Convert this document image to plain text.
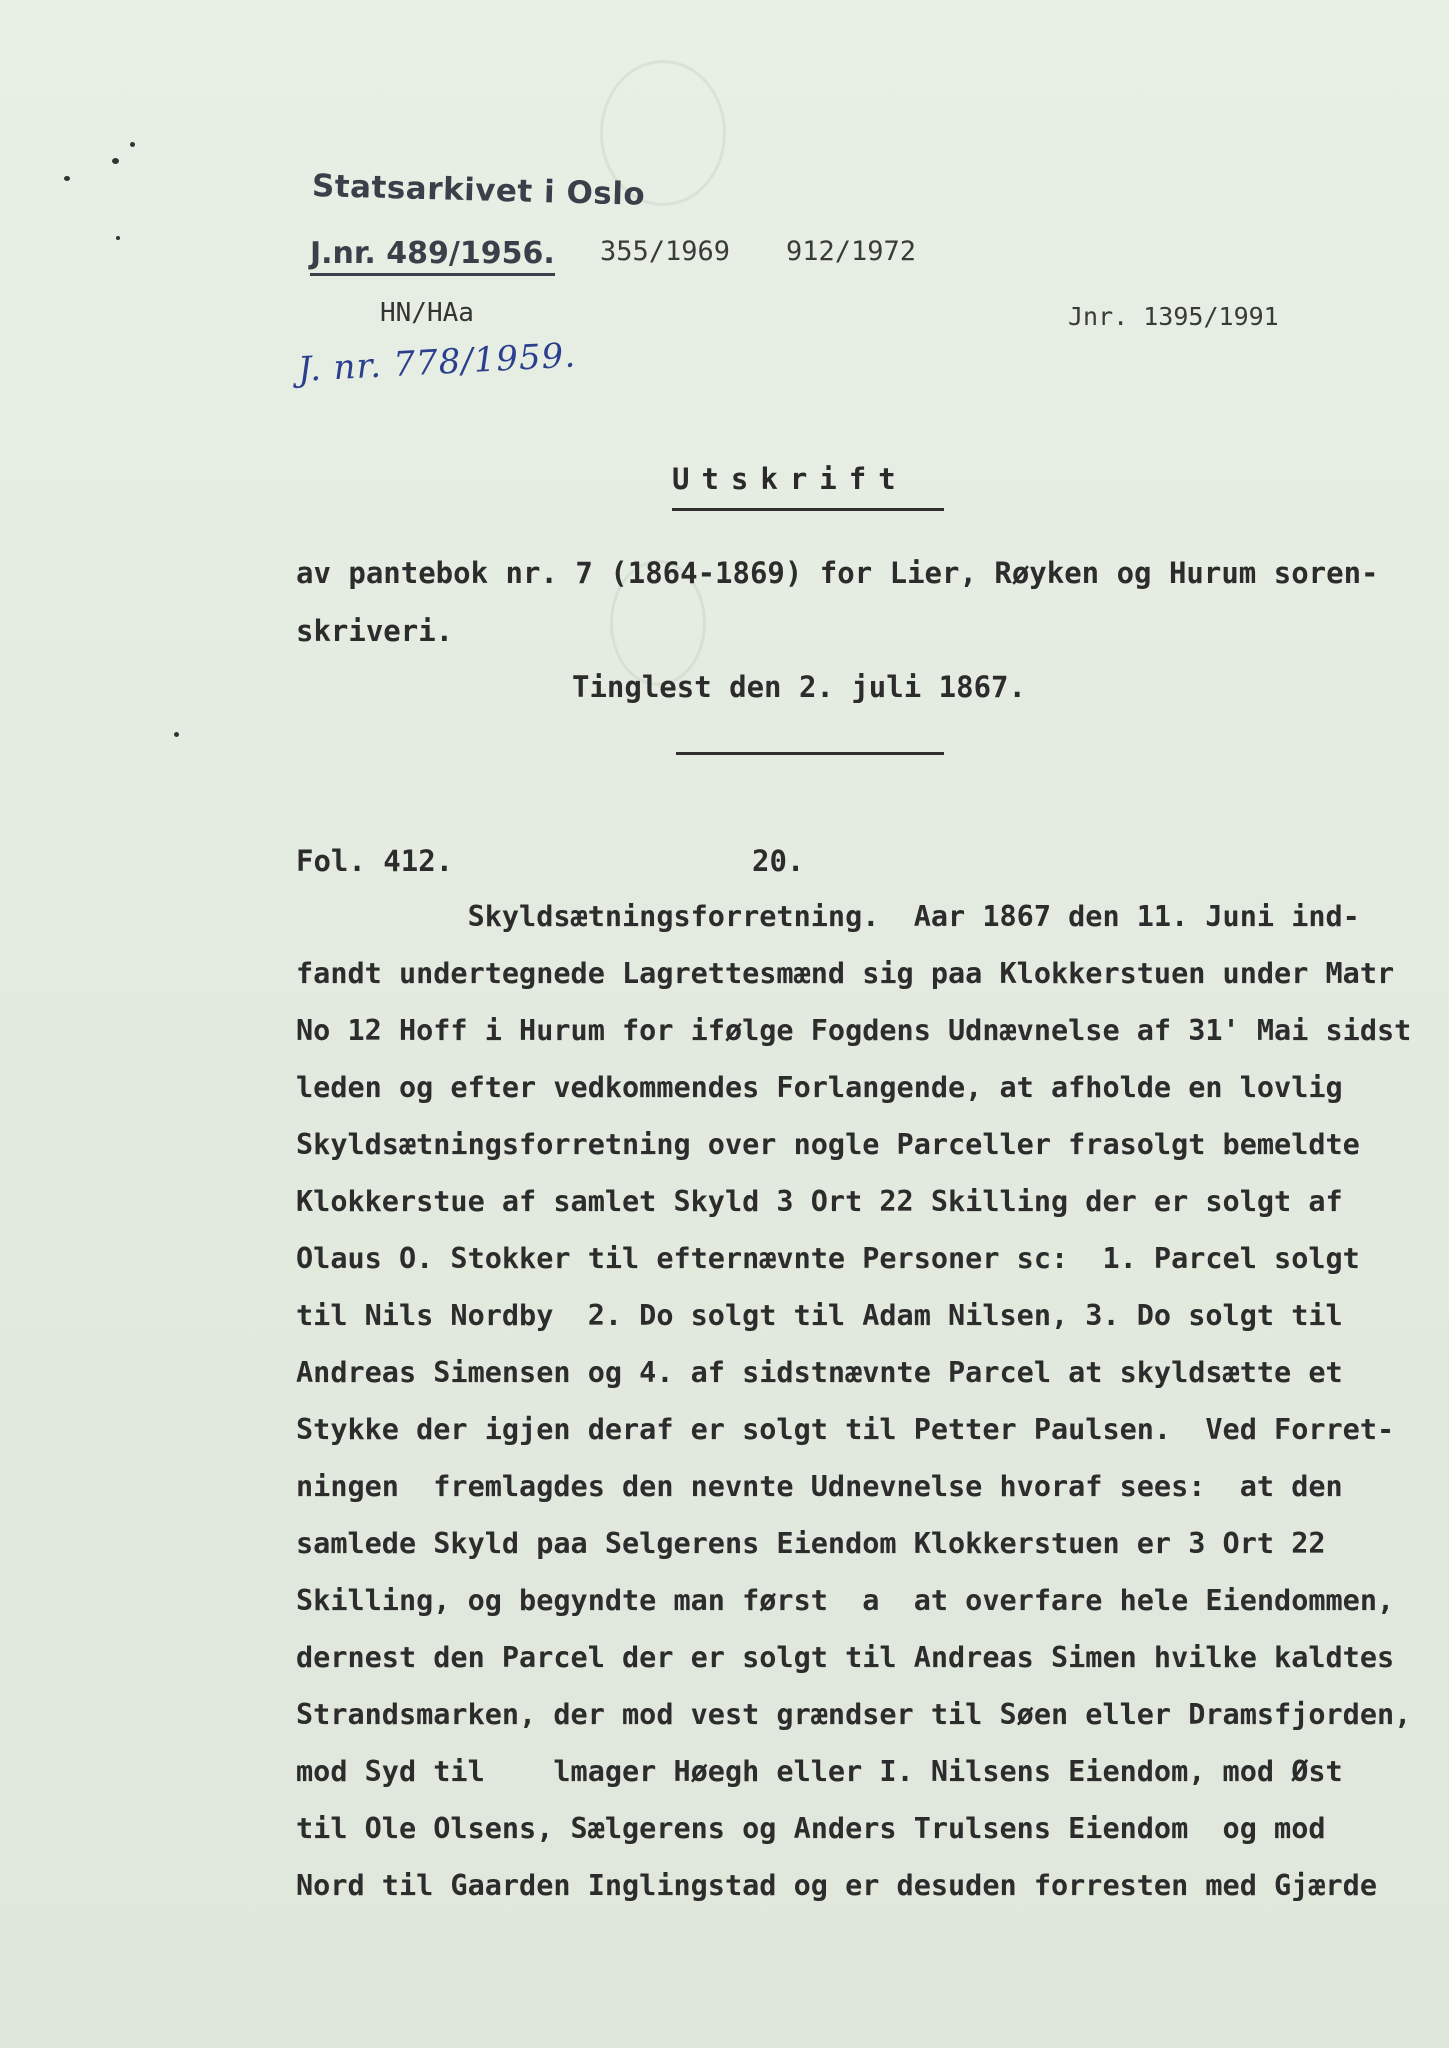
Statsarkivet i Oslo
J.nr. 489/1956. 355/1969 912/1972
HN/HAa	Jnr. 1395/1991
J. nr. 778/1959.
Utskrift
av pantebok nr. 7 (1864-1869) for Lier, Røyken og Hurum soren-
skriveri.
Tinglest den 2. juli 1867.
Fol. 412.	20.
Skyldsætningsforretning.  Aar 1867 den 11. Juni ind-
fandt undertegnede Lagrettesmænd sig paa Klokkerstuen under Matr
No 12 Hoff i Hurum for ifølge Fogdens Udnævnelse af 31' Mai sidst
leden og efter vedkommendes Forlangende, at afholde en lovlig
Skyldsætningsforretning over nogle Parceller frasolgt bemeldte
Klokkerstue af samlet Skyld 3 Ort 22 Skilling der er solgt af
Olaus O. Stokker til efternævnte Personer sc:  1. Parcel solgt
til Nils Nordby  2. Do solgt til Adam Nilsen, 3. Do solgt til
Andreas Simensen og 4. af sidstnævnte Parcel at skyldsætte et
Stykke der igjen deraf er solgt til Petter Paulsen.  Ved Forret-
ningen  fremlagdes den nevnte Udnevnelse hvoraf sees:  at den
samlede Skyld paa Selgerens Eiendom Klokkerstuen er 3 Ort 22
Skilling, og begyndte man først  a  at overfare hele Eiendommen,
dernest den Parcel der er solgt til Andreas Simen hvilke kaldtes
Strandsmarken, der mod vest grændser til Søen eller Dramsfjorden,
mod Syd til    lmager Høegh eller I. Nilsens Eiendom, mod Øst
til Ole Olsens, Sælgerens og Anders Trulsens Eiendom  og mod
Nord til Gaarden Inglingstad og er desuden forresten med Gjærde
